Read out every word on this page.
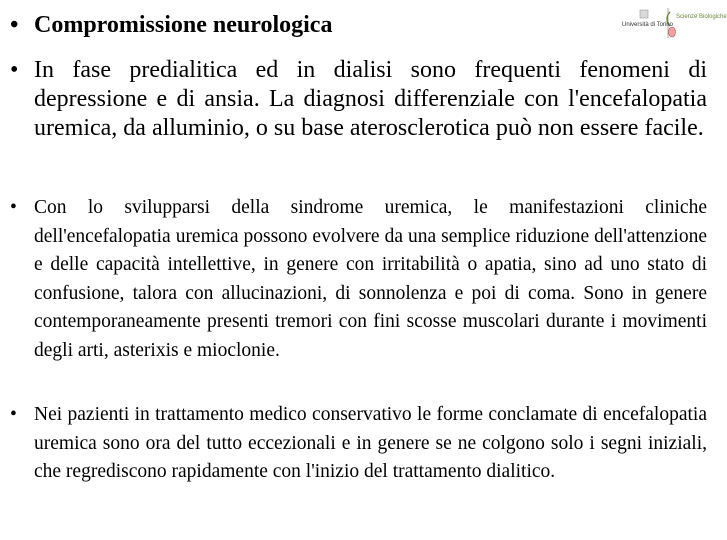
Università di Torino
Scienze Biologiche
• Compromissione neurologica
• In fase predialitica ed in dialisi sono frequenti fenomeni di depressione e di ansia. La diagnosi differenziale con l'encefalopatia uremica, da alluminio, o su base aterosclerotica può non essere facile.
• Con lo svilupparsi della sindrome uremica, le manifestazioni cliniche dell'encefalopatia uremica possono evolvere da una semplice riduzione dell'attenzione e delle capacità intellettive, in genere con irritabilità o apatia, sino ad uno stato di confusione, talora con allucinazioni, di sonnolenza e poi di coma. Sono in genere contemporaneamente presenti tremori con fini scosse muscolari durante i movimenti degli arti, asterixis e mioclonie.
• Nei pazienti in trattamento medico conservativo le forme conclamate di encefalopatia uremica sono ora del tutto eccezionali e in genere se ne colgono solo i segni iniziali, che regrediscono rapidamente con l'inizio del trattamento dialitico.
